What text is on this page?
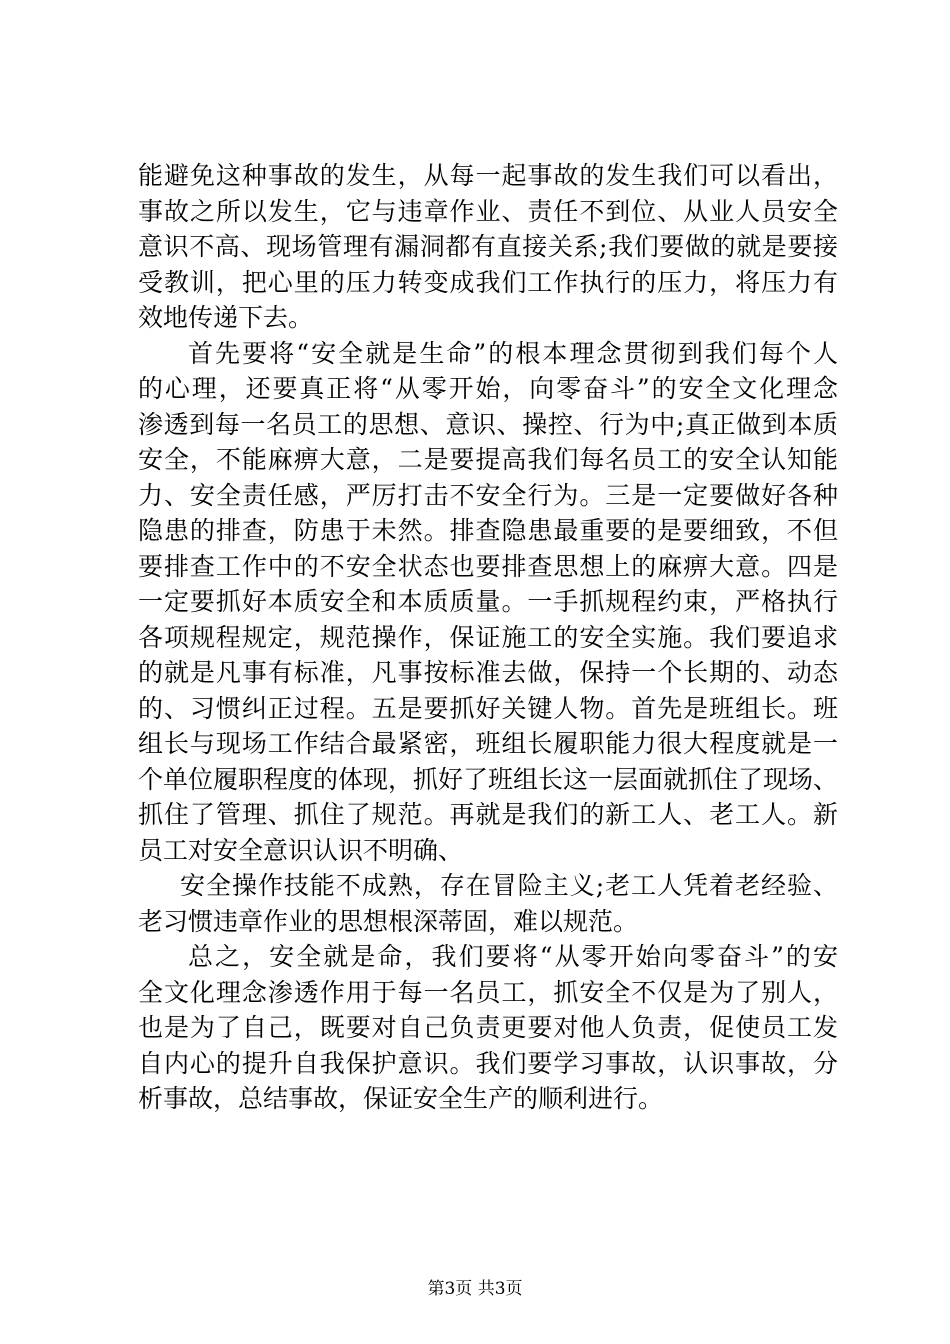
能避免这种事故的发生，从每一起事故的发生我们可以看出，
事故之所以发生，它与违章作业、责任不到位、从业人员安全
意识不高、现场管理有漏洞都有直接关系;我们要做的就是要接
受教训，把心里的压力转变成我们工作执行的压力，将压力有
效地传递下去。
首先要将“安全就是生命”的根本理念贯彻到我们每个人
的心理，还要真正将“从零开始，向零奋斗”的安全文化理念
渗透到每一名员工的思想、意识、操控、行为中;真正做到本质
安全，不能麻痹大意，二是要提高我们每名员工的安全认知能
力、安全责任感，严厉打击不安全行为。三是一定要做好各种
隐患的排查，防患于未然。排查隐患最重要的是要细致，不但
要排查工作中的不安全状态也要排查思想上的麻痹大意。四是
一定要抓好本质安全和本质质量。一手抓规程约束，严格执行
各项规程规定，规范操作，保证施工的安全实施。我们要追求
的就是凡事有标准，凡事按标准去做，保持一个长期的、动态
的、习惯纠正过程。五是要抓好关键人物。首先是班组长。班
组长与现场工作结合最紧密，班组长履职能力很大程度就是一
个单位履职程度的体现，抓好了班组长这一层面就抓住了现场、
抓住了管理、抓住了规范。再就是我们的新工人、老工人。新
员工对安全意识认识不明确、
安全操作技能不成熟，存在冒险主义;老工人凭着老经验、
老习惯违章作业的思想根深蒂固，难以规范。
总之，安全就是命，我们要将“从零开始向零奋斗”的安
全文化理念渗透作用于每一名员工，抓安全不仅是为了别人，
也是为了自己，既要对自己负责更要对他人负责，促使员工发
自内心的提升自我保护意识。我们要学习事故，认识事故，分
析事故，总结事故，保证安全生产的顺利进行。
第3页 共3页
